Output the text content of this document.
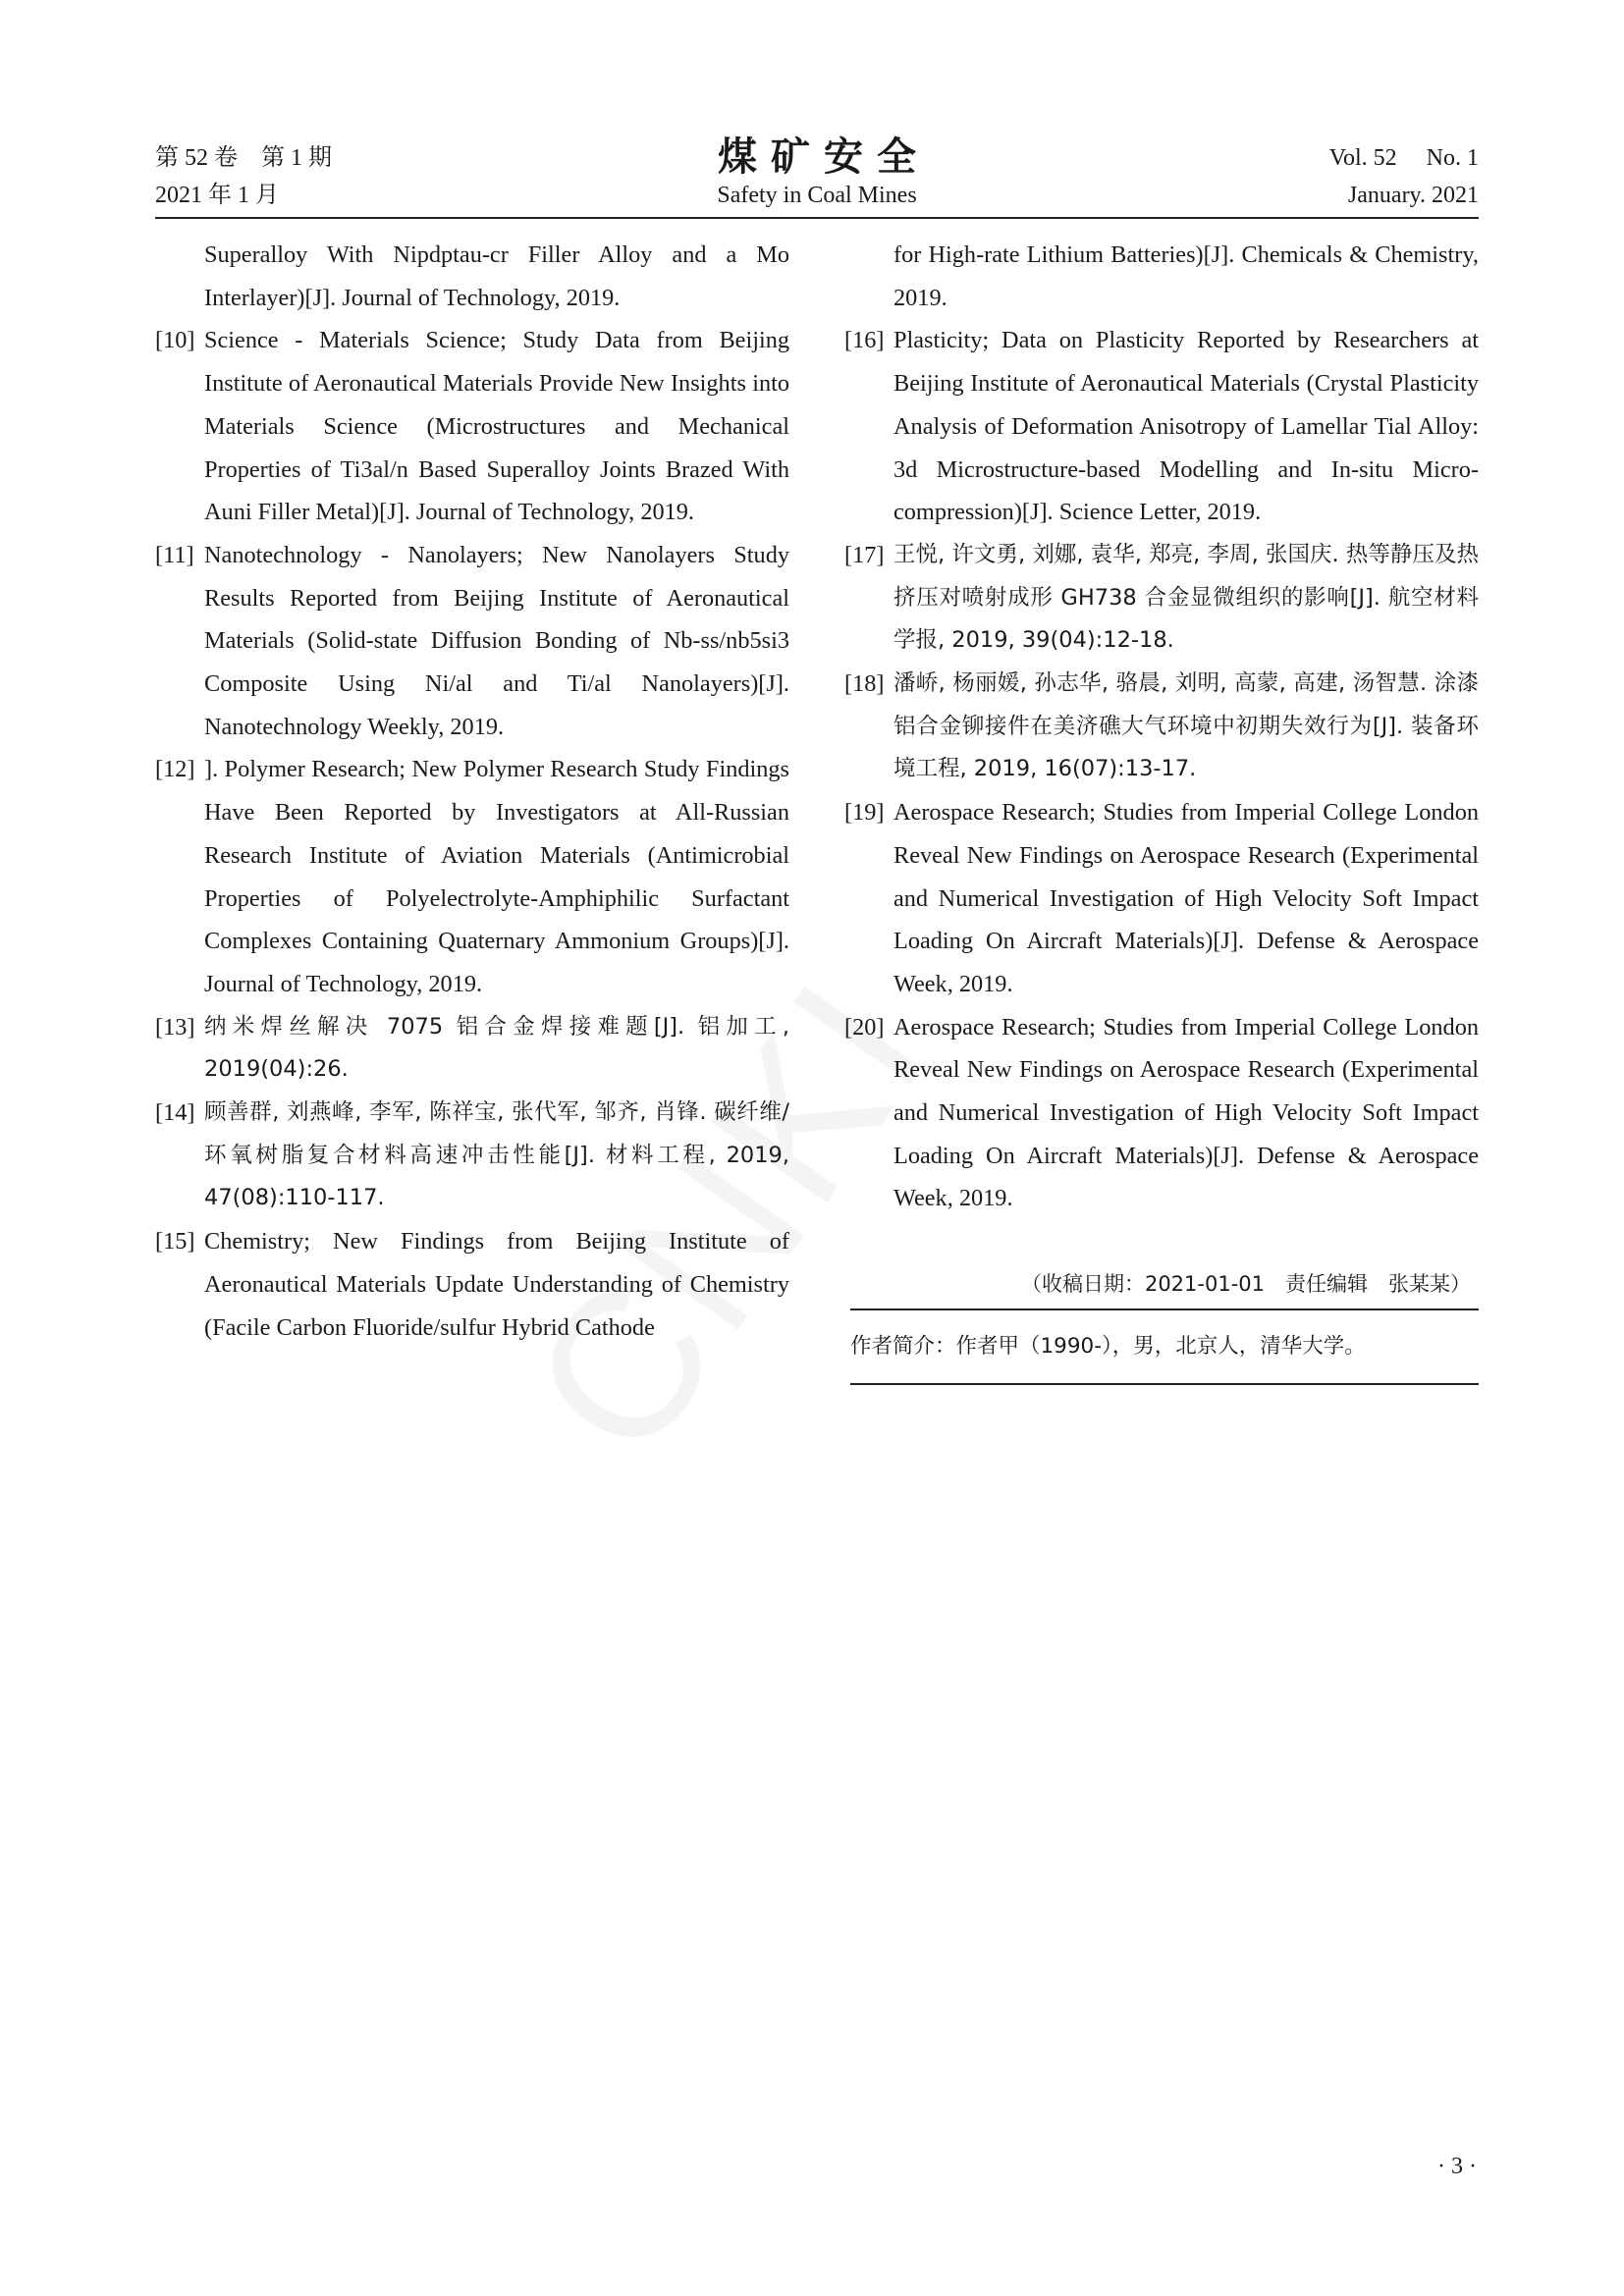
第 52 卷　第 1 期
2021 年 1 月
煤矿安全
Safety in Coal Mines
Vol. 52　 No. 1
January. 2021
Superalloy With Nipdptau-cr Filler Alloy and a Mo Interlayer)[J]. Journal of Technology, 2019.
[10] Science - Materials Science; Study Data from Beijing Institute of Aeronautical Materials Provide New Insights into Materials Science (Microstructures and Mechanical Properties of Ti3al/n Based Superalloy Joints Brazed With Auni Filler Metal)[J]. Journal of Technology, 2019.
[11] Nanotechnology - Nanolayers; New Nanolayers Study Results Reported from Beijing Institute of Aeronautical Materials (Solid-state Diffusion Bonding of Nb-ss/nb5si3 Composite Using Ni/al and Ti/al Nanolayers)[J]. Nanotechnology Weekly, 2019.
[12] ]. Polymer Research; New Polymer Research Study Findings Have Been Reported by Investigators at All-Russian Research Institute of Aviation Materials (Antimicrobial Properties of Polyelectrolyte-Amphiphilic Surfactant Complexes Containing Quaternary Ammonium Groups)[J]. Journal of Technology, 2019.
[13] 纳米焊丝解决 7075 铝合金焊接难题[J]. 铝加工, 2019(04):26.
[14] 顾善群, 刘燕峰, 李军, 陈祥宝, 张代军, 邹齐, 肖锋. 碳纤维/环氧树脂复合材料高速冲击性能[J]. 材料工程, 2019, 47(08):110-117.
[15] Chemistry; New Findings from Beijing Institute of Aeronautical Materials Update Understanding of Chemistry (Facile Carbon Fluoride/sulfur Hybrid Cathode
for High-rate Lithium Batteries)[J]. Chemicals & Chemistry, 2019.
[16] Plasticity; Data on Plasticity Reported by Researchers at Beijing Institute of Aeronautical Materials (Crystal Plasticity Analysis of Deformation Anisotropy of Lamellar Tial Alloy: 3d Microstructure-based Modelling and In-situ Micro-compression)[J]. Science Letter, 2019.
[17] 王悦, 许文勇, 刘娜, 袁华, 郑亮, 李周, 张国庆. 热等静压及热挤压对喷射成形 GH738 合金显微组织的影响[J]. 航空材料学报, 2019, 39(04):12-18.
[18] 潘峤, 杨丽媛, 孙志华, 骆晨, 刘明, 高蒙, 高建, 汤智慧. 涂漆铝合金铆接件在美济礁大气环境中初期失效行为[J]. 装备环境工程, 2019, 16(07):13-17.
[19] Aerospace Research; Studies from Imperial College London Reveal New Findings on Aerospace Research (Experimental and Numerical Investigation of High Velocity Soft Impact Loading On Aircraft Materials)[J]. Defense & Aerospace Week, 2019.
[20] Aerospace Research; Studies from Imperial College London Reveal New Findings on Aerospace Research (Experimental and Numerical Investigation of High Velocity Soft Impact Loading On Aircraft Materials)[J]. Defense & Aerospace Week, 2019.
（收稿日期：2021-01-01　责任编辑　张某某）
作者简介：作者甲（1990-），男，北京人，清华大学。
· 3 ·
